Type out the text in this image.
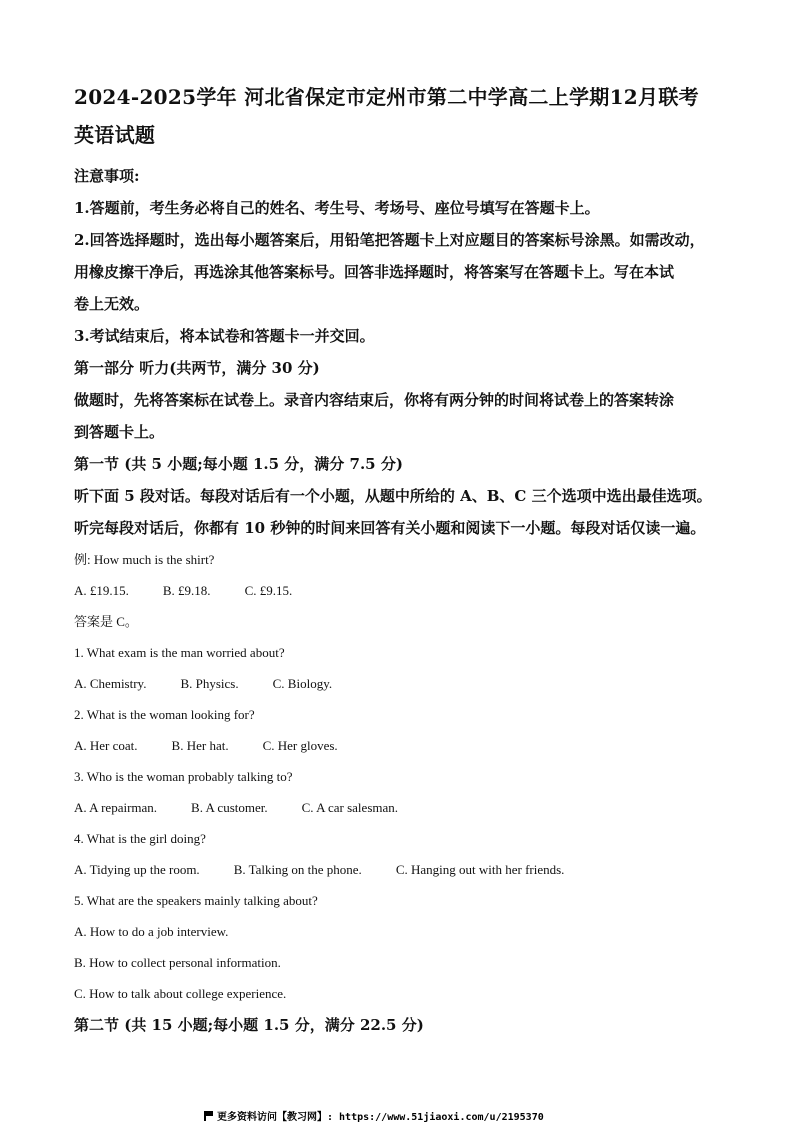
2024-2025学年 河北省保定市定州市第二中学高二上学期12月联考
英语试题
注意事项:

1.答题前，考生务必将自己的姓名、考生号、考场号、座位号填写在答题卡上。

2.回答选择题时，选出每小题答案后，用铅笔把答题卡上对应题目的答案标号涂黑。如需改动，

用橡皮擦干净后，再选涂其他答案标号。回答非选择题时，将答案写在答题卡上。写在本试

卷上无效。

3.考试结束后，将本试卷和答题卡一并交回。

第一部分 听力(共两节，满分 30 分)

做题时，先将答案标在试卷上。录音内容结束后，你将有两分钟的时间将试卷上的答案转涂

到答题卡上。

第一节 (共 5 小题;每小题 1.5 分，满分 7.5 分)

听下面 5 段对话。每段对话后有一个小题，从题中所给的 A、B、C 三个选项中选出最佳选项。

听完每段对话后，你都有 10 秒钟的时间来回答有关小题和阅读下一小题。每段对话仅读一遍。

例: How much is the shirt?

A. £19.15.	B. £9.18.	C. £9.15.

答案是 C。

1. What exam is the man worried about?

A. Chemistry.	B. Physics.	C. Biology.

2. What is the woman looking for?

A. Her coat.	B. Her hat.	C. Her gloves.

3. Who is the woman probably talking to?

A. A repairman.	B. A customer.	C. A car salesman.

4. What is the girl doing?

A. Tidying up the room.	B. Talking on the phone.	C. Hanging out with her friends.

5. What are the speakers mainly talking about?

A. How to do a job interview.

B. How to collect personal information.

C. How to talk about college experience.

第二节 (共 15 小题;每小题 1.5 分，满分 22.5 分)

更多资料访问【教习网】: https://www.51jiaoxi.com/u/2195370
